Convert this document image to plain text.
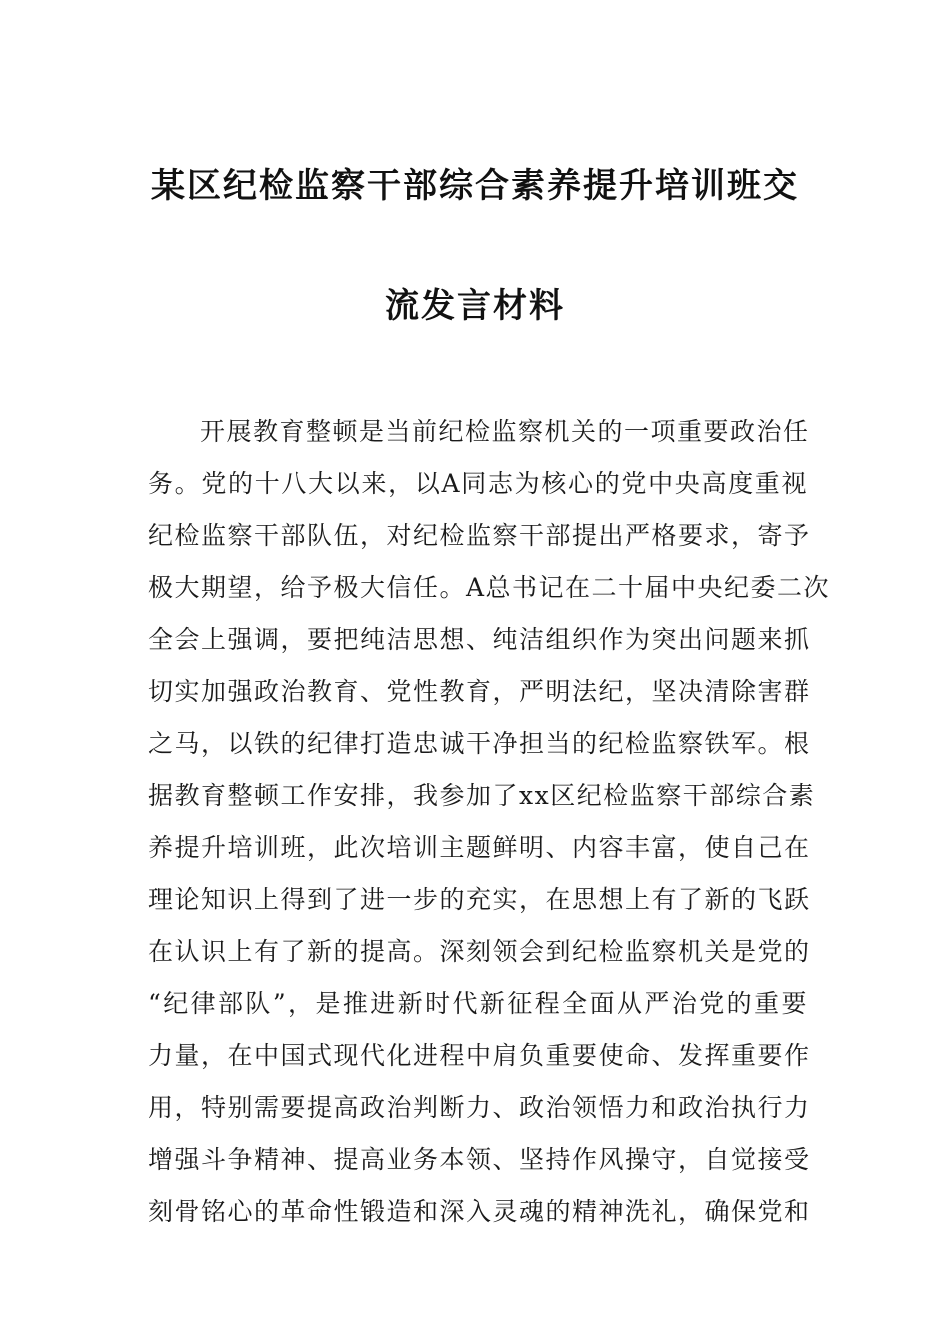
某区纪检监察干部综合素养提升培训班交
流发言材料
开展教育整顿是当前纪检监察机关的一项重要政治任
务。党的十八大以来，以A同志为核心的党中央高度重视
纪检监察干部队伍，对纪检监察干部提出严格要求，寄予
极大期望，给予极大信任。A总书记在二十届中央纪委二次
全会上强调，要把纯洁思想、纯洁组织作为突出问题来抓
切实加强政治教育、党性教育，严明法纪，坚决清除害群
之马，以铁的纪律打造忠诚干净担当的纪检监察铁军。根
据教育整顿工作安排，我参加了xx区纪检监察干部综合素
养提升培训班，此次培训主题鲜明、内容丰富，使自己在
理论知识上得到了进一步的充实，在思想上有了新的飞跃
在认识上有了新的提高。深刻领会到纪检监察机关是党的
“纪律部队”，是推进新时代新征程全面从严治党的重要
力量，在中国式现代化进程中肩负重要使命、发挥重要作
用，特别需要提高政治判断力、政治领悟力和政治执行力
增强斗争精神、提高业务本领、坚持作风操守，自觉接受
刻骨铭心的革命性锻造和深入灵魂的精神洗礼，确保党和
